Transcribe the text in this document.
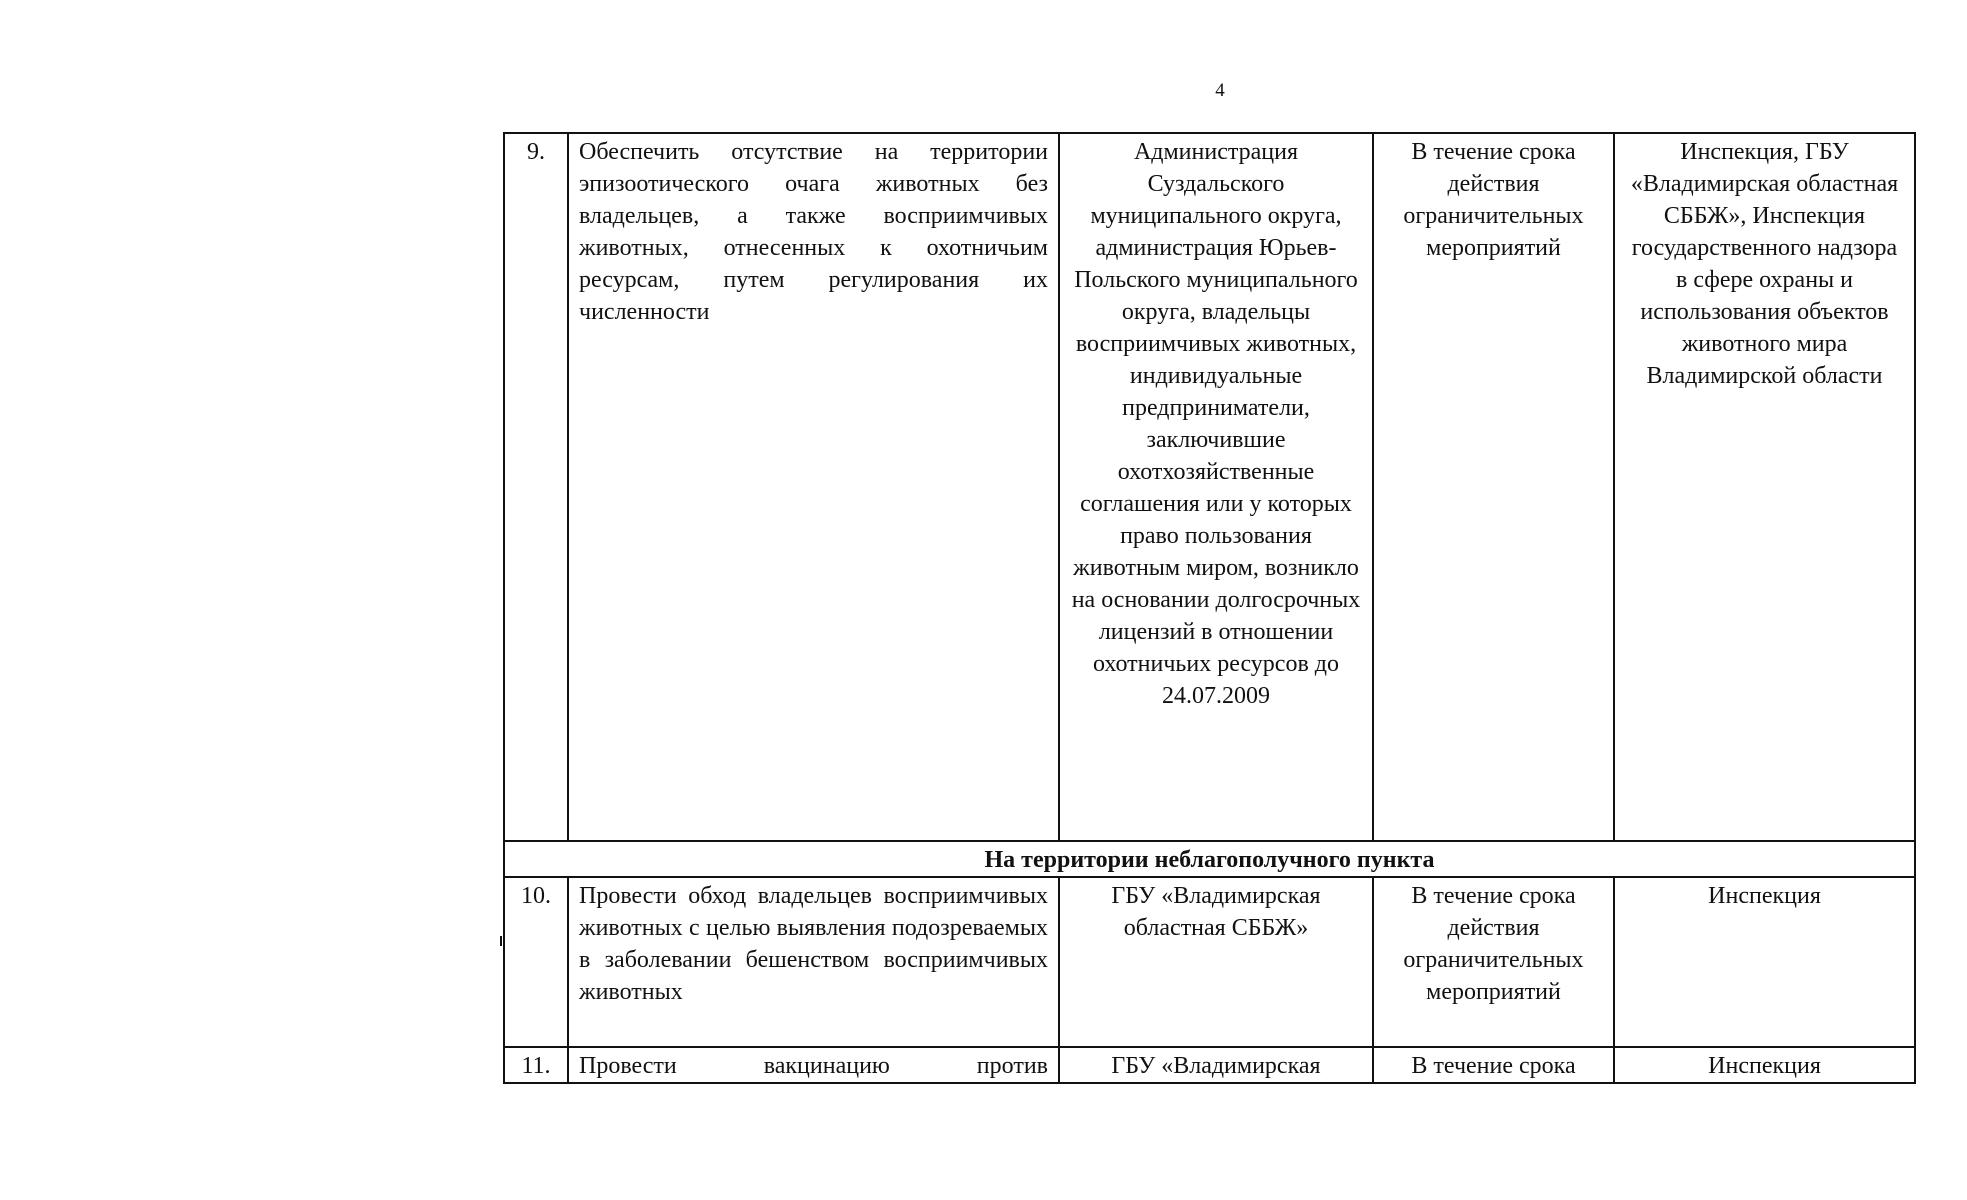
4
9.	Обеспечить отсутствие на территории эпизоотического очага животных без владельцев, а также восприимчивых животных, отнесенных к охотничьим ресурсам, путем регулирования их численности	Администрация Суздальского муниципального округа, администрация Юрьев-Польского муниципального округа, владельцы восприимчивых животных, индивидуальные предприниматели, заключившие охотхозяйственные соглашения или у которых право пользования животным миром, возникло на основании долгосрочных лицензий в отношении охотничьих ресурсов до 24.07.2009	В течение срока действия ограничительных мероприятий	Инспекция, ГБУ «Владимирская областная СББЖ», Инспекция государственного надзора в сфере охраны и использования объектов животного мира Владимирской области
На территории неблагополучного пункта				
10.	Провести обход владельцев восприимчивых животных с целью выявления подозреваемых в заболевании бешенством восприимчивых животных	ГБУ «Владимирская областная СББЖ»	В течение срока действия ограничительных мероприятий	Инспекция
11.	Провести вакцинацию против	ГБУ «Владимирская	В течение срока	Инспекция
